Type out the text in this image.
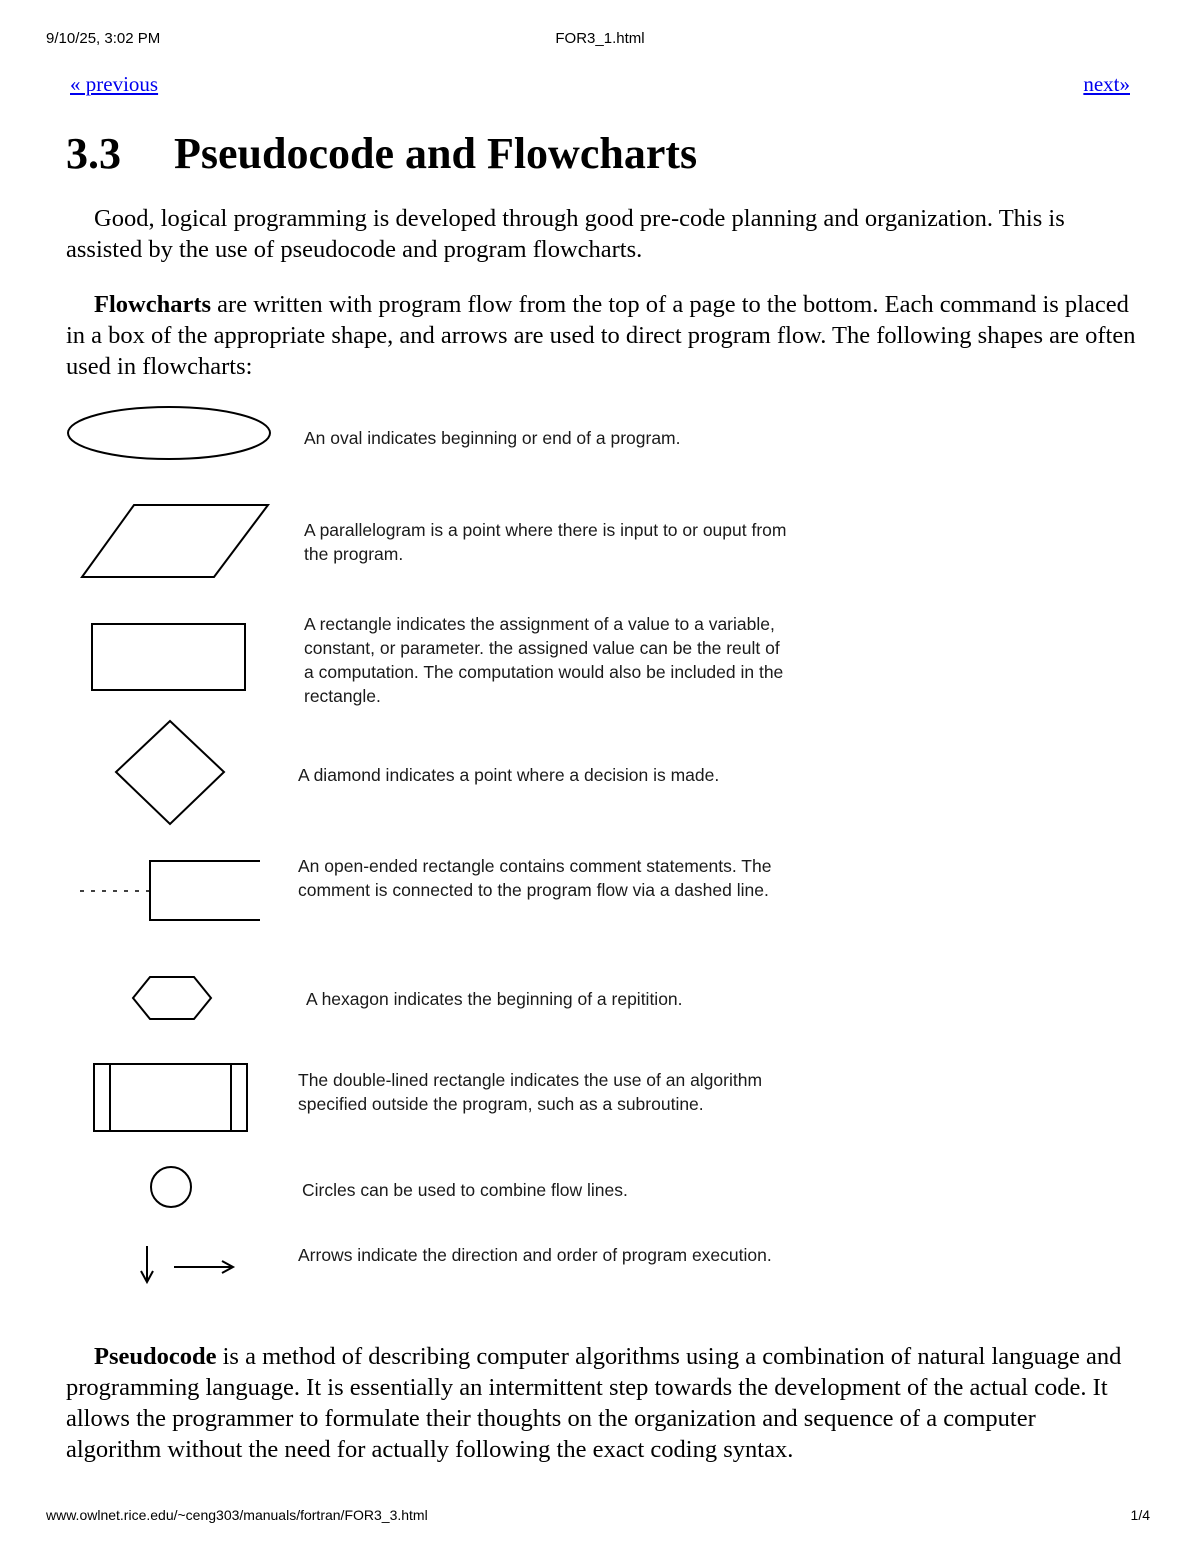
FOR3_1.html
9/10/25, 3:02 PM
« previous	next»
3.3 Pseudocode and Flowcharts

Good, logical programming is developed through good pre-code planning and organization. This is assisted by the use of pseudocode and program flowcharts.

Flowcharts are written with program flow from the top of a page to the bottom. Each command is placed in a box of the appropriate shape, and arrows are used to direct program flow. The following shapes are often used in flowcharts:

An oval indicates beginning or end of a program.
A parallelogram is a point where there is input to or ouput from the program.
A rectangle indicates the assignment of a value to a variable, constant, or parameter. the assigned value can be the reult of a computation. The computation would also be included in the rectangle.
A diamond indicates a point where a decision is made.
An open-ended rectangle contains comment statements. The comment is connected to the program flow via a dashed line.
A hexagon indicates the beginning of a repitition.
The double-lined rectangle indicates the use of an algorithm specified outside the program, such as a subroutine.
Circles can be used to combine flow lines.
Arrows indicate the direction and order of program execution.

Pseudocode is a method of describing computer algorithms using a combination of natural language and programming language. It is essentially an intermittent step towards the development of the actual code. It allows the programmer to formulate their thoughts on the organization and sequence of a computer algorithm without the need for actually following the exact coding syntax.

www.owlnet.rice.edu/~ceng303/manuals/fortran/FOR3_3.html	1/4
